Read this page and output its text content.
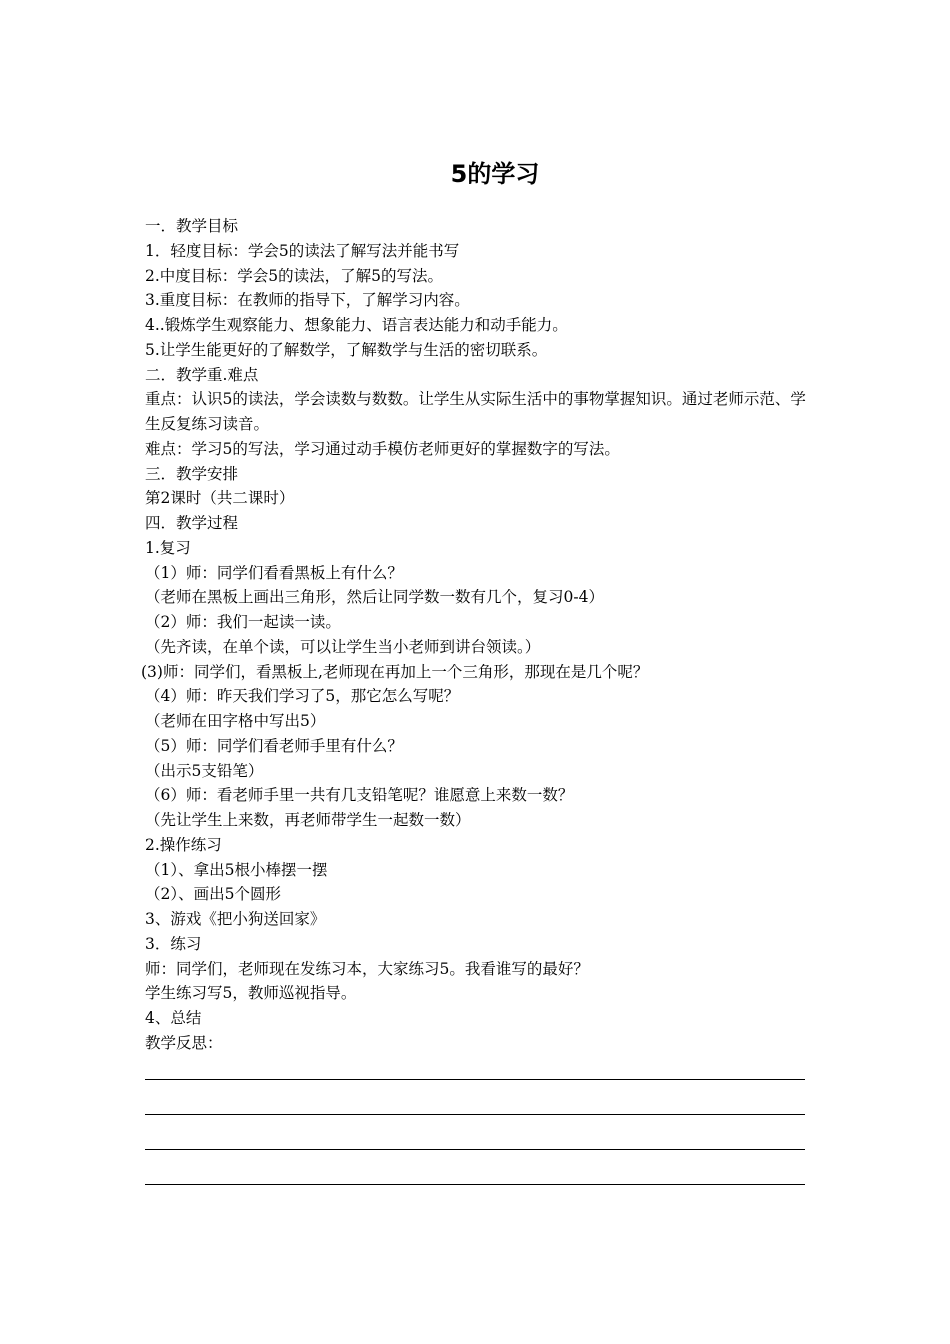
5的学习
一．教学目标
1．轻度目标：学会5的读法了解写法并能书写
2.中度目标：学会5的读法，了解5的写法。
3.重度目标：在教师的指导下，了解学习内容。
4..锻炼学生观察能力、想象能力、语言表达能力和动手能力。
5.让学生能更好的了解数学，了解数学与生活的密切联系。
二．教学重.难点
重点：认识5的读法，学会读数与数数。让学生从实际生活中的事物掌握知识。通过老师示范、学生反复练习读音。
难点：学习5的写法，学习通过动手模仿老师更好的掌握数字的写法。
三．教学安排
第2课时（共二课时）
四．教学过程
1.复习
（1）师：同学们看看黑板上有什么？
（老师在黑板上画出三角形，然后让同学数一数有几个，复习0-4）
（2）师：我们一起读一读。
（先齐读，在单个读，可以让学生当小老师到讲台领读。）
(3)师：同学们，看黑板上,老师现在再加上一个三角形，那现在是几个呢？
（4）师：昨天我们学习了5，那它怎么写呢？
（老师在田字格中写出5）
（5）师：同学们看老师手里有什么？
（出示5支铅笔）
（6）师：看老师手里一共有几支铅笔呢？谁愿意上来数一数？
（先让学生上来数，再老师带学生一起数一数）
2.操作练习
（1）、拿出5根小棒摆一摆
（2）、画出5个圆形
3、游戏《把小狗送回家》
3．练习
师：同学们，老师现在发练习本，大家练习5。我看谁写的最好？
学生练习写5，教师巡视指导。
4、总结
教学反思：
